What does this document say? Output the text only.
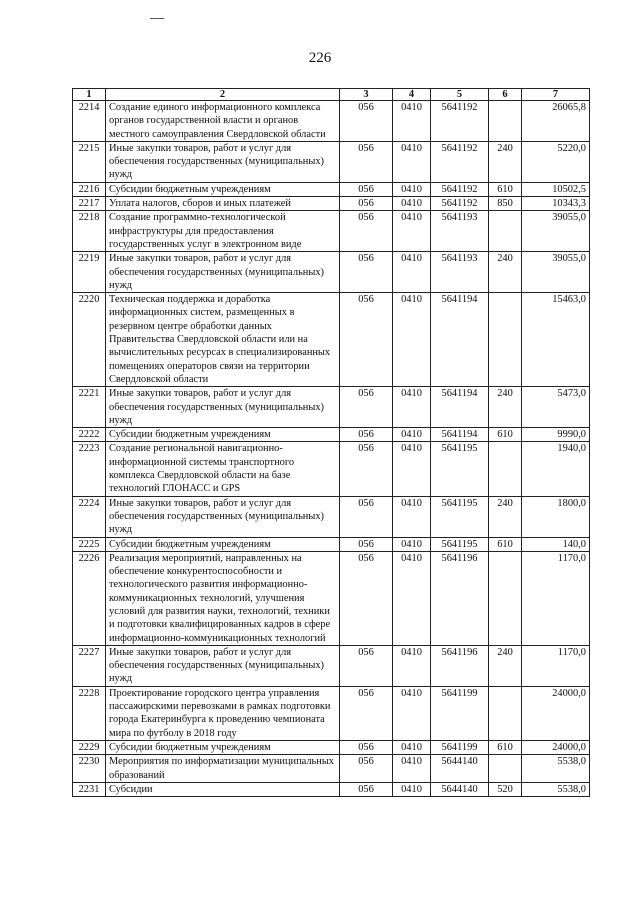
226
1	2	3	4	5	6	7
2214	Создание единого информационного комплекса органов государственной власти и органов местного самоуправления Свердловской области	056	0410	5641192		26065,8
2215	Иные закупки товаров, работ и услуг для обеспечения государственных (муниципальных) нужд	056	0410	5641192	240	5220,0
2216	Субсидии бюджетным учреждениям	056	0410	5641192	610	10502,5
2217	Уплата налогов, сборов и иных платежей	056	0410	5641192	850	10343,3
2218	Создание программно-технологической инфраструктуры для предоставления государственных услуг в электронном виде	056	0410	5641193		39055,0
2219	Иные закупки товаров, работ и услуг для обеспечения государственных (муниципальных) нужд	056	0410	5641193	240	39055,0
2220	Техническая поддержка и доработка информационных систем, размещенных в резервном центре обработки данных Правительства Свердловской области или на вычислительных ресурсах в специализированных помещениях операторов связи на территории Свердловской области	056	0410	5641194		15463,0
2221	Иные закупки товаров, работ и услуг для обеспечения государственных (муниципальных) нужд	056	0410	5641194	240	5473,0
2222	Субсидии бюджетным учреждениям	056	0410	5641194	610	9990,0
2223	Создание региональной навигационно-информационной системы транспортного комплекса Свердловской области на базе технологий ГЛОНАСС и GPS	056	0410	5641195		1940,0
2224	Иные закупки товаров, работ и услуг для обеспечения государственных (муниципальных) нужд	056	0410	5641195	240	1800,0
2225	Субсидии бюджетным учреждениям	056	0410	5641195	610	140,0
2226	Реализация мероприятий, направленных на обеспечение конкурентоспособности и технологического развития информационно-коммуникационных технологий, улучшения условий для развития науки, технологий, техники и подготовки квалифицированных кадров в сфере информационно-коммуникационных технологий	056	0410	5641196		1170,0
2227	Иные закупки товаров, работ и услуг для обеспечения государственных (муниципальных) нужд	056	0410	5641196	240	1170,0
2228	Проектирование городского центра управления пассажирскими перевозками в рамках подготовки города Екатеринбурга к проведению чемпионата мира по футболу в 2018 году	056	0410	5641199		24000,0
2229	Субсидии бюджетным учреждениям	056	0410	5641199	610	24000,0
2230	Мероприятия по информатизации муниципальных образований	056	0410	5644140		5538,0
2231	Субсидии	056	0410	5644140	520	5538,0
